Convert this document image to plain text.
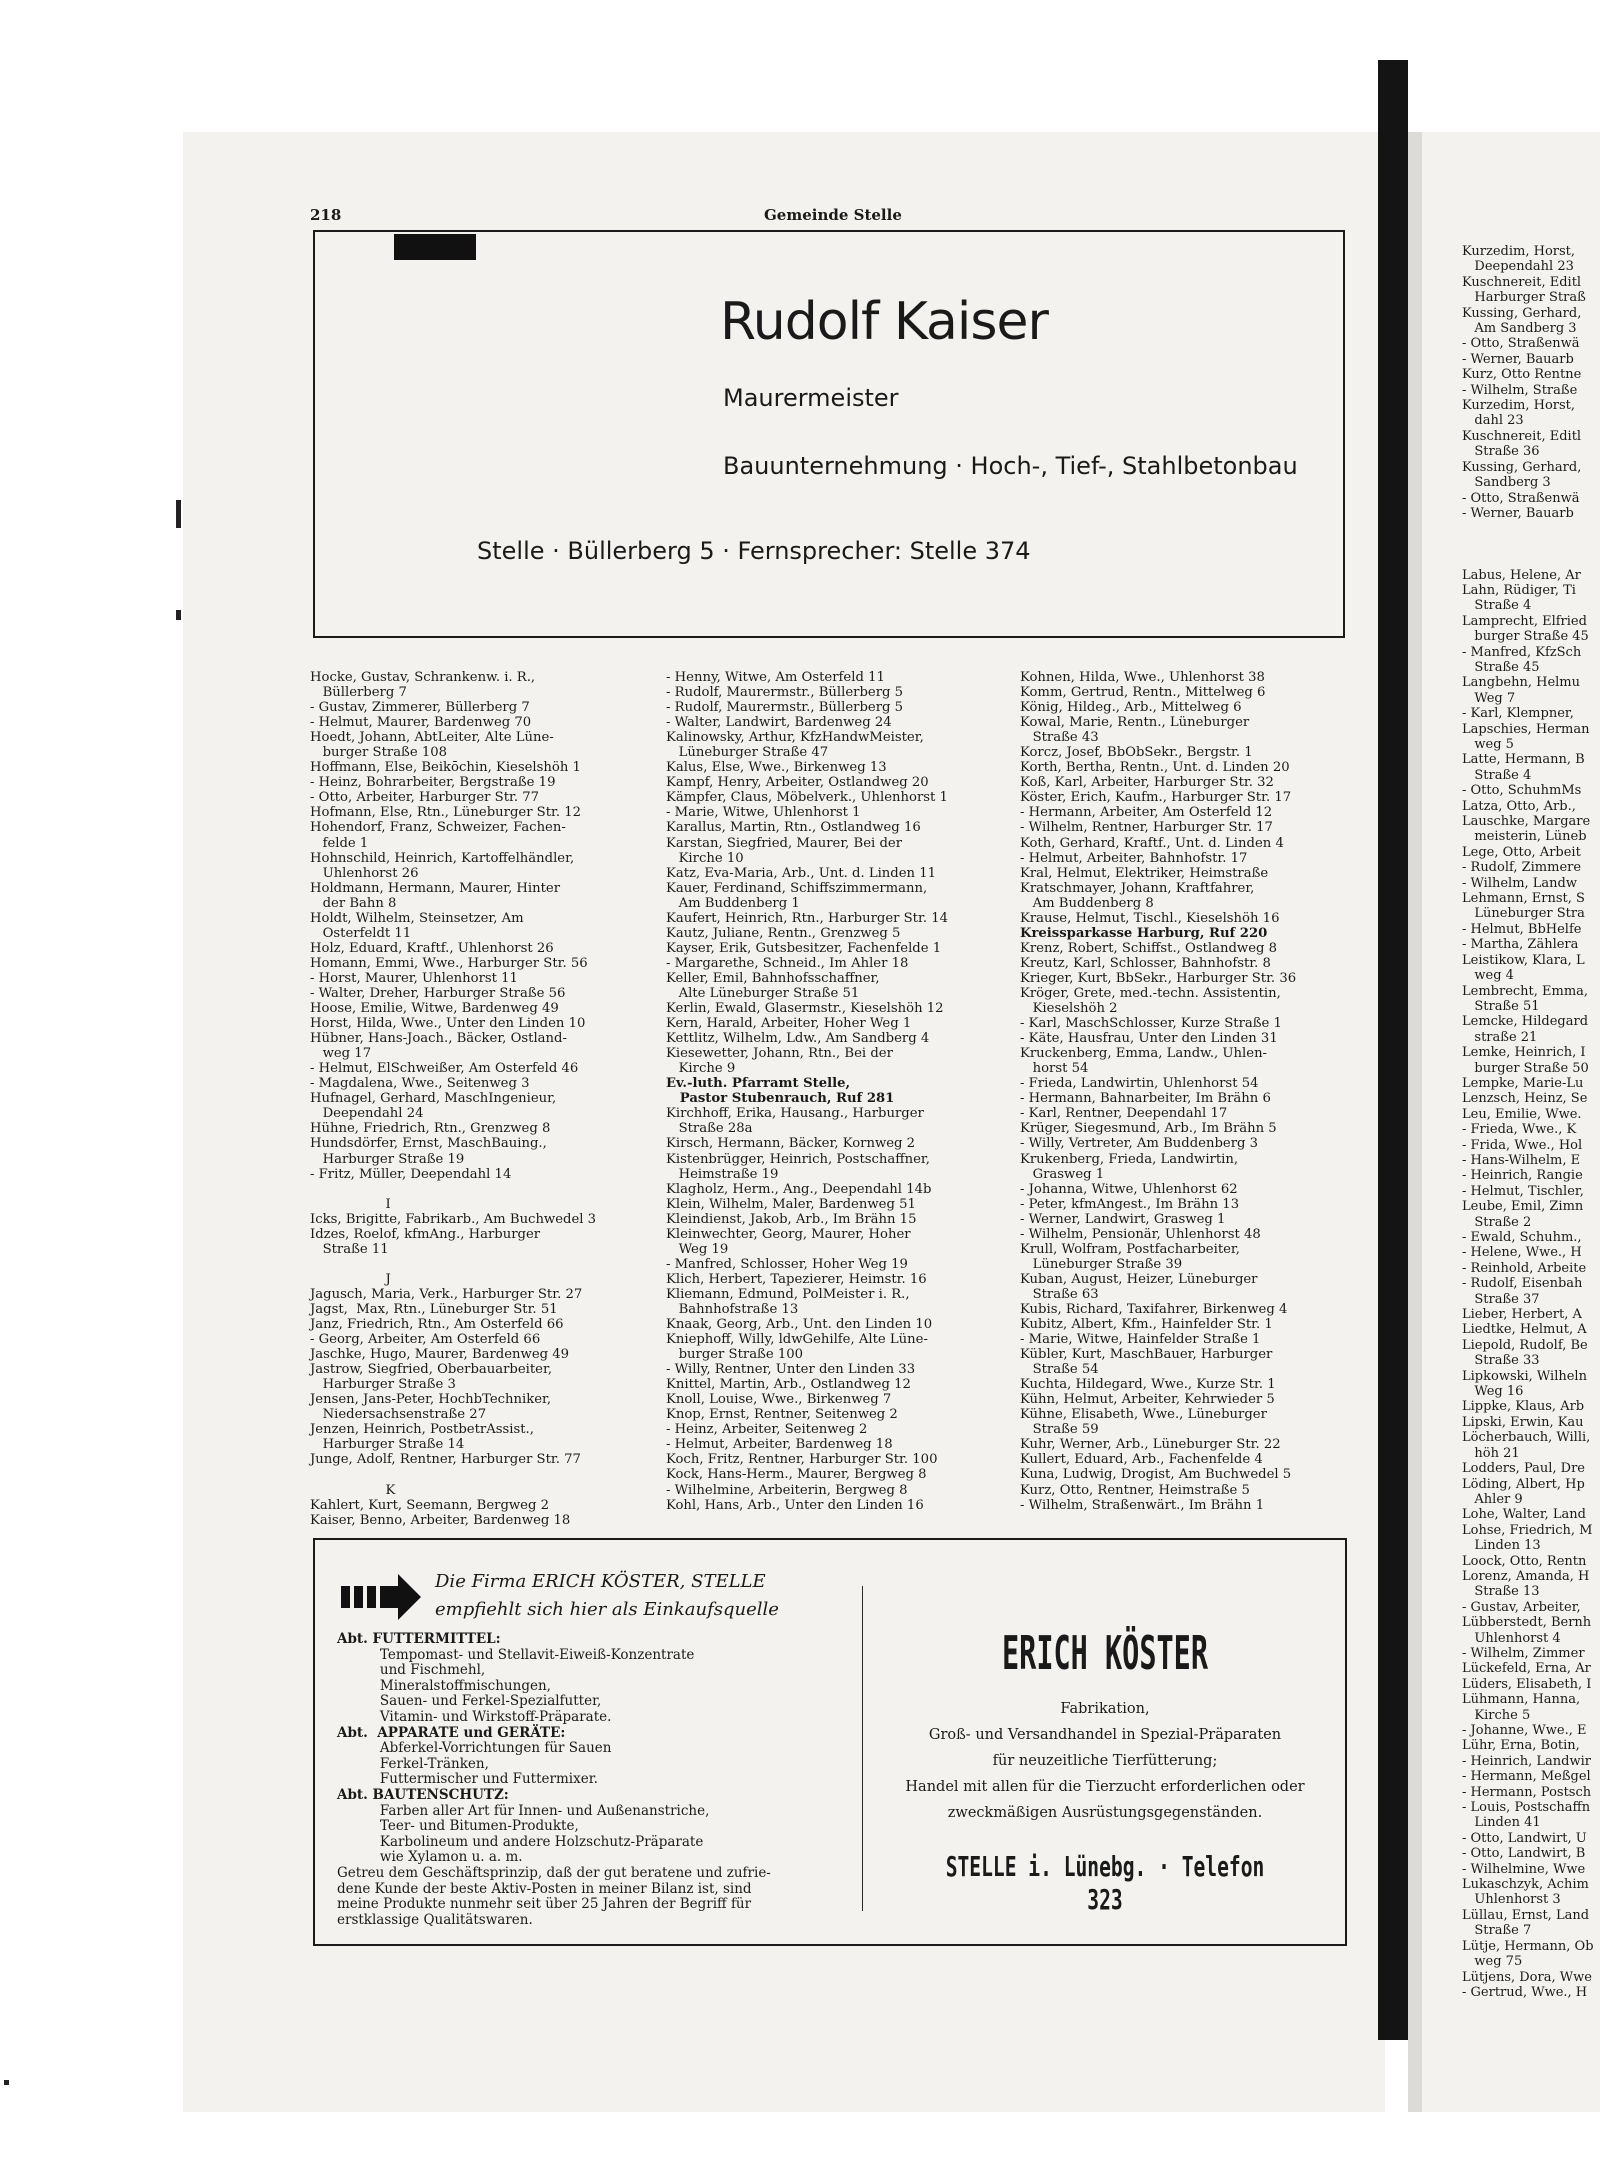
Kurzedim, Horst,
Deependahl 23
Kuschnereit, Editl
Harburger Straß
Kussing, Gerhard,
Am Sandberg 3
- Otto, Straßenwä
- Werner, Bauarb
Kurz, Otto Rentne
- Wilhelm, Straße
Kurzedim, Horst,
dahl 23
Kuschnereit, Editl
Straße 36
Kussing, Gerhard,
Sandberg 3
- Otto, Straßenwä
- Werner, Bauarb

Labus, Helene, Ar
Lahn, Rüdiger, Ti
Straße 4
Lamprecht, Elfried
burger Straße 45
- Manfred, KfzSch
Straße 45
Langbehn, Helmu
Weg 7
- Karl, Klempner,
Lapschies, Herman
weg 5
Latte, Hermann, B
Straße 4
- Otto, SchuhmMs
Latza, Otto, Arb.,
Lauschke, Margare
meisterin, Lüneb
Lege, Otto, Arbeit
- Rudolf, Zimmere
- Wilhelm, Landw
Lehmann, Ernst, S
Lüneburger Stra
- Helmut, BbHelfe
- Martha, Zählera
Leistikow, Klara, L
weg 4
Lembrecht, Emma,
Straße 51
Lemcke, Hildegard
straße 21
Lemke, Heinrich, I
burger Straße 50
Lempke, Marie-Lu
Lenzsch, Heinz, Se
Leu, Emilie, Wwe.
- Frieda, Wwe., K
- Frida, Wwe., Hol
- Hans-Wilhelm, E
- Heinrich, Rangie
- Helmut, Tischler,
Leube, Emil, Zimn
Straße 2
- Ewald, Schuhm.,
- Helene, Wwe., H
- Reinhold, Arbeite
- Rudolf, Eisenbah
Straße 37
Lieber, Herbert, A
Liedtke, Helmut, A
Liepold, Rudolf, Be
Straße 33
Lipkowski, Wilheln
Weg 16
Lippke, Klaus, Arb
Lipski, Erwin, Kau
Löcherbauch, Willi,
höh 21
Lodders, Paul, Dre
Löding, Albert, Hp
Ahler 9
Lohe, Walter, Land
Lohse, Friedrich, M
Linden 13
Loock, Otto, Rentn
Lorenz, Amanda, H
Straße 13
- Gustav, Arbeiter,
Lübberstedt, Bernh
Uhlenhorst 4
- Wilhelm, Zimmer
Lückefeld, Erna, Ar
Lüders, Elisabeth, I
Lühmann, Hanna,
Kirche 5
- Johanne, Wwe., E
Lühr, Erna, Botin,
- Heinrich, Landwir
- Hermann, Meßgel
- Hermann, Postsch
- Louis, Postschaffn
Linden 41
- Otto, Landwirt, U
- Otto, Landwirt, B
- Wilhelmine, Wwe
Lukaschzyk, Achim
Uhlenhorst 3
Lüllau, Ernst, Land
Straße 7
Lütje, Hermann, Ob
weg 75
Lütjens, Dora, Wwe
- Gertrud, Wwe., H
218	Gemeinde Stelle
Rudolf Kaiser
Maurermeister
Bauunternehmung · Hoch-, Tief-, Stahlbetonbau
Stelle · Büllerberg 5 · Fernsprecher: Stelle 374
Hocke, Gustav, Schrankenw. i. R.,
Büllerberg 7
- Gustav, Zimmerer, Büllerberg 7
- Helmut, Maurer, Bardenweg 70
Hoedt, Johann, AbtLeiter, Alte Lüne-
burger Straße 108
Hoffmann, Else, Beikōchin, Kieselshöh 1
- Heinz, Bohrarbeiter, Bergstraße 19
- Otto, Arbeiter, Harburger Str. 77
Hofmann, Else, Rtn., Lüneburger Str. 12
Hohendorf, Franz, Schweizer, Fachen-
felde 1
Hohnschild, Heinrich, Kartoffelhändler,
Uhlenhorst 26
Holdmann, Hermann, Maurer, Hinter
der Bahn 8
Holdt, Wilhelm, Steinsetzer, Am
Osterfeldt 11
Holz, Eduard, Kraftf., Uhlenhorst 26
Homann, Emmi, Wwe., Harburger Str. 56
- Horst, Maurer, Uhlenhorst 11
- Walter, Dreher, Harburger Straße 56
Hoose, Emilie, Witwe, Bardenweg 49
Horst, Hilda, Wwe., Unter den Linden 10
Hübner, Hans-Joach., Bäcker, Ostland-
weg 17
- Helmut, ElSchweißer, Am Osterfeld 46
- Magdalena, Wwe., Seitenweg 3
Hufnagel, Gerhard, MaschIngenieur,
Deependahl 24
Hühne, Friedrich, Rtn., Grenzweg 8
Hundsdörfer, Ernst, MaschBauing.,
Harburger Straße 19
- Fritz, Müller, Deependahl 14

I
Icks, Brigitte, Fabrikarb., Am Buchwedel 3
Idzes, Roelof, kfmAng., Harburger
Straße 11

J
Jagusch, Maria, Verk., Harburger Str. 27
Jagst,  Max, Rtn., Lüneburger Str. 51
Janz, Friedrich, Rtn., Am Osterfeld 66
- Georg, Arbeiter, Am Osterfeld 66
Jaschke, Hugo, Maurer, Bardenweg 49
Jastrow, Siegfried, Oberbauarbeiter,
Harburger Straße 3
Jensen, Jans-Peter, HochbTechniker,
Niedersachsenstraße 27
Jenzen, Heinrich, PostbetrAssist.,
Harburger Straße 14
Junge, Adolf, Rentner, Harburger Str. 77

K
Kahlert, Kurt, Seemann, Bergweg 2
Kaiser, Benno, Arbeiter, Bardenweg 18
- Henny, Witwe, Am Osterfeld 11
- Rudolf, Maurermstr., Büllerberg 5
- Rudolf, Maurermstr., Büllerberg 5
- Walter, Landwirt, Bardenweg 24
Kalinowsky, Arthur, KfzHandwMeister,
Lüneburger Straße 47
Kalus, Else, Wwe., Birkenweg 13
Kampf, Henry, Arbeiter, Ostlandweg 20
Kämpfer, Claus, Möbelverk., Uhlenhorst 1
- Marie, Witwe, Uhlenhorst 1
Karallus, Martin, Rtn., Ostlandweg 16
Karstan, Siegfried, Maurer, Bei der
Kirche 10
Katz, Eva-Maria, Arb., Unt. d. Linden 11
Kauer, Ferdinand, Schiffszimmermann,
Am Buddenberg 1
Kaufert, Heinrich, Rtn., Harburger Str. 14
Kautz, Juliane, Rentn., Grenzweg 5
Kayser, Erik, Gutsbesitzer, Fachenfelde 1
- Margarethe, Schneid., Im Ahler 18
Keller, Emil, Bahnhofsschaffner,
Alte Lüneburger Straße 51
Kerlin, Ewald, Glasermstr., Kieselshöh 12
Kern, Harald, Arbeiter, Hoher Weg 1
Kettlitz, Wilhelm, Ldw., Am Sandberg 4
Kiesewetter, Johann, Rtn., Bei der
Kirche 9
Ev.-luth. Pfarramt Stelle,
Pastor Stubenrauch, Ruf 281
Kirchhoff, Erika, Hausang., Harburger
Straße 28a
Kirsch, Hermann, Bäcker, Kornweg 2
Kistenbrügger, Heinrich, Postschaffner,
Heimstraße 19
Klagholz, Herm., Ang., Deependahl 14b
Klein, Wilhelm, Maler, Bardenweg 51
Kleindienst, Jakob, Arb., Im Brähn 15
Kleinwechter, Georg, Maurer, Hoher
Weg 19
- Manfred, Schlosser, Hoher Weg 19
Klich, Herbert, Tapezierer, Heimstr. 16
Kliemann, Edmund, PolMeister i. R.,
Bahnhofstraße 13
Knaak, Georg, Arb., Unt. den Linden 10
Kniephoff, Willy, ldwGehilfe, Alte Lüne-
burger Straße 100
- Willy, Rentner, Unter den Linden 33
Knittel, Martin, Arb., Ostlandweg 12
Knoll, Louise, Wwe., Birkenweg 7
Knop, Ernst, Rentner, Seitenweg 2
- Heinz, Arbeiter, Seitenweg 2
- Helmut, Arbeiter, Bardenweg 18
Koch, Fritz, Rentner, Harburger Str. 100
Kock, Hans-Herm., Maurer, Bergweg 8
- Wilhelmine, Arbeiterin, Bergweg 8
Kohl, Hans, Arb., Unter den Linden 16
Kohnen, Hilda, Wwe., Uhlenhorst 38
Komm, Gertrud, Rentn., Mittelweg 6
König, Hildeg., Arb., Mittelweg 6
Kowal, Marie, Rentn., Lüneburger
Straße 43
Korcz, Josef, BbObSekr., Bergstr. 1
Korth, Bertha, Rentn., Unt. d. Linden 20
Koß, Karl, Arbeiter, Harburger Str. 32
Köster, Erich, Kaufm., Harburger Str. 17
- Hermann, Arbeiter, Am Osterfeld 12
- Wilhelm, Rentner, Harburger Str. 17
Koth, Gerhard, Kraftf., Unt. d. Linden 4
- Helmut, Arbeiter, Bahnhofstr. 17
Kral, Helmut, Elektriker, Heimstraße
Kratschmayer, Johann, Kraftfahrer,
Am Buddenberg 8
Krause, Helmut, Tischl., Kieselshöh 16
Kreissparkasse Harburg, Ruf 220
Krenz, Robert, Schiffst., Ostlandweg 8
Kreutz, Karl, Schlosser, Bahnhofstr. 8
Krieger, Kurt, BbSekr., Harburger Str. 36
Kröger, Grete, med.-techn. Assistentin,
Kieselshöh 2
- Karl, MaschSchlosser, Kurze Straße 1
- Käte, Hausfrau, Unter den Linden 31
Kruckenberg, Emma, Landw., Uhlen-
horst 54
- Frieda, Landwirtin, Uhlenhorst 54
- Hermann, Bahnarbeiter, Im Brähn 6
- Karl, Rentner, Deependahl 17
Krüger, Siegesmund, Arb., Im Brähn 5
- Willy, Vertreter, Am Buddenberg 3
Krukenberg, Frieda, Landwirtin,
Grasweg 1
- Johanna, Witwe, Uhlenhorst 62
- Peter, kfmAngest., Im Brähn 13
- Werner, Landwirt, Grasweg 1
- Wilhelm, Pensionär, Uhlenhorst 48
Krull, Wolfram, Postfacharbeiter,
Lüneburger Straße 39
Kuban, August, Heizer, Lüneburger
Straße 63
Kubis, Richard, Taxifahrer, Birkenweg 4
Kubitz, Albert, Kfm., Hainfelder Str. 1
- Marie, Witwe, Hainfelder Straße 1
Kübler, Kurt, MaschBauer, Harburger
Straße 54
Kuchta, Hildegard, Wwe., Kurze Str. 1
Kühn, Helmut, Arbeiter, Kehrwieder 5
Kühne, Elisabeth, Wwe., Lüneburger
Straße 59
Kuhr, Werner, Arb., Lüneburger Str. 22
Kullert, Eduard, Arb., Fachenfelde 4
Kuna, Ludwig, Drogist, Am Buchwedel 5
Kurz, Otto, Rentner, Heimstraße 5
- Wilhelm, Straßenwärt., Im Brähn 1
Die Firma ERICH KÖSTER, STELLE
empfiehlt sich hier als Einkaufsquelle
Abt. FUTTERMITTEL:
Tempomast- und Stellavit-Eiweiß-Konzentrate
und Fischmehl,
Mineralstoffmischungen,
Sauen- und Ferkel-Spezialfutter,
Vitamin- und Wirkstoff-Präparate.
Abt.  APPARATE und GERÄTE:
Abferkel-Vorrichtungen für Sauen
Ferkel-Tränken,
Futtermischer und Futtermixer.
Abt. BAUTENSCHUTZ:
Farben aller Art für Innen- und Außenanstriche,
Teer- und Bitumen-Produkte,
Karbolineum und andere Holzschutz-Präparate
wie Xylamon u. a. m.
Getreu dem Geschäftsprinzip, daß der gut beratene und zufrie-
dene Kunde der beste Aktiv-Posten in meiner Bilanz ist, sind
meine Produkte nunmehr seit über 25 Jahren der Begriff für
erstklassige Qualitätswaren.
ERICH KÖSTER
Fabrikation,
Groß- und Versandhandel in Spezial-Präparaten
für neuzeitliche Tierfütterung;
Handel mit allen für die Tierzucht erforderlichen oder
zweckmäßigen Ausrüstungsgegenständen.
STELLE i. Lünebg. · Telefon 323
